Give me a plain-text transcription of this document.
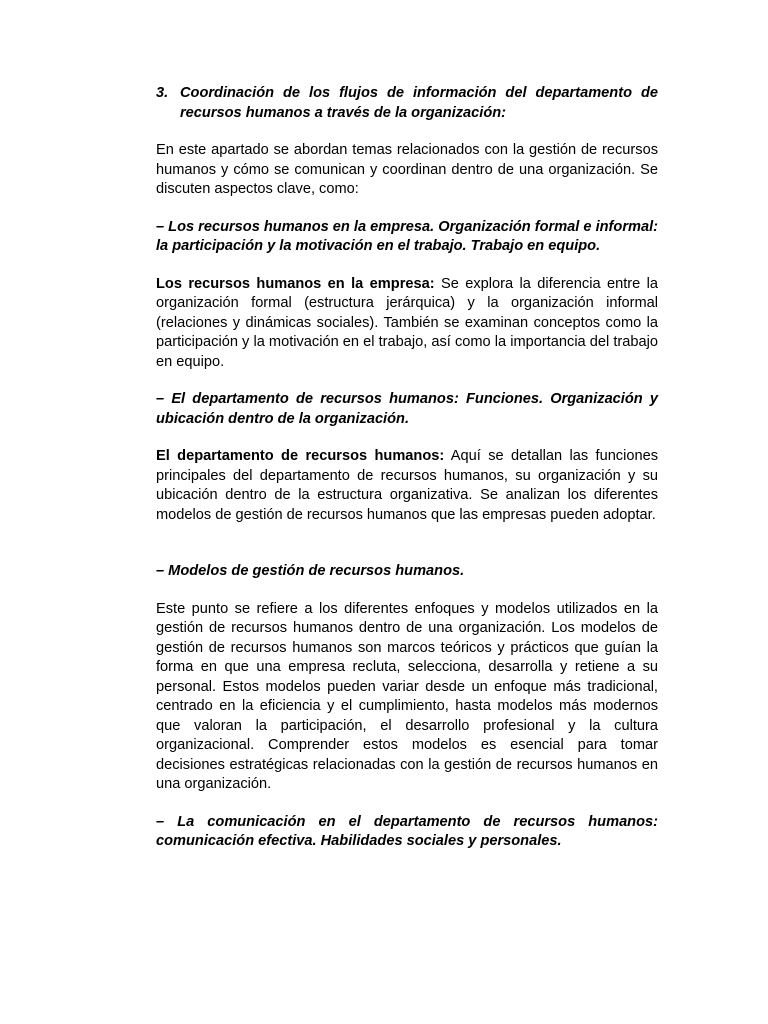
3. Coordinación de los flujos de información del departamento de recursos humanos a través de la organización:

En este apartado se abordan temas relacionados con la gestión de recursos humanos y cómo se comunican y coordinan dentro de una organización. Se discuten aspectos clave, como:

– Los recursos humanos en la empresa. Organización formal e informal: la participación y la motivación en el trabajo. Trabajo en equipo.

Los recursos humanos en la empresa: Se explora la diferencia entre la organización formal (estructura jerárquica) y la organización informal (relaciones y dinámicas sociales). También se examinan conceptos como la participación y la motivación en el trabajo, así como la importancia del trabajo en equipo.

– El departamento de recursos humanos: Funciones. Organización y ubicación dentro de la organización.

El departamento de recursos humanos: Aquí se detallan las funciones principales del departamento de recursos humanos, su organización y su ubicación dentro de la estructura organizativa. Se analizan los diferentes modelos de gestión de recursos humanos que las empresas pueden adoptar.

– Modelos de gestión de recursos humanos.

Este punto se refiere a los diferentes enfoques y modelos utilizados en la gestión de recursos humanos dentro de una organización. Los modelos de gestión de recursos humanos son marcos teóricos y prácticos que guían la forma en que una empresa recluta, selecciona, desarrolla y retiene a su personal. Estos modelos pueden variar desde un enfoque más tradicional, centrado en la eficiencia y el cumplimiento, hasta modelos más modernos que valoran la participación, el desarrollo profesional y la cultura organizacional. Comprender estos modelos es esencial para tomar decisiones estratégicas relacionadas con la gestión de recursos humanos en una organización.

– La comunicación en el departamento de recursos humanos: comunicación efectiva. Habilidades sociales y personales.
